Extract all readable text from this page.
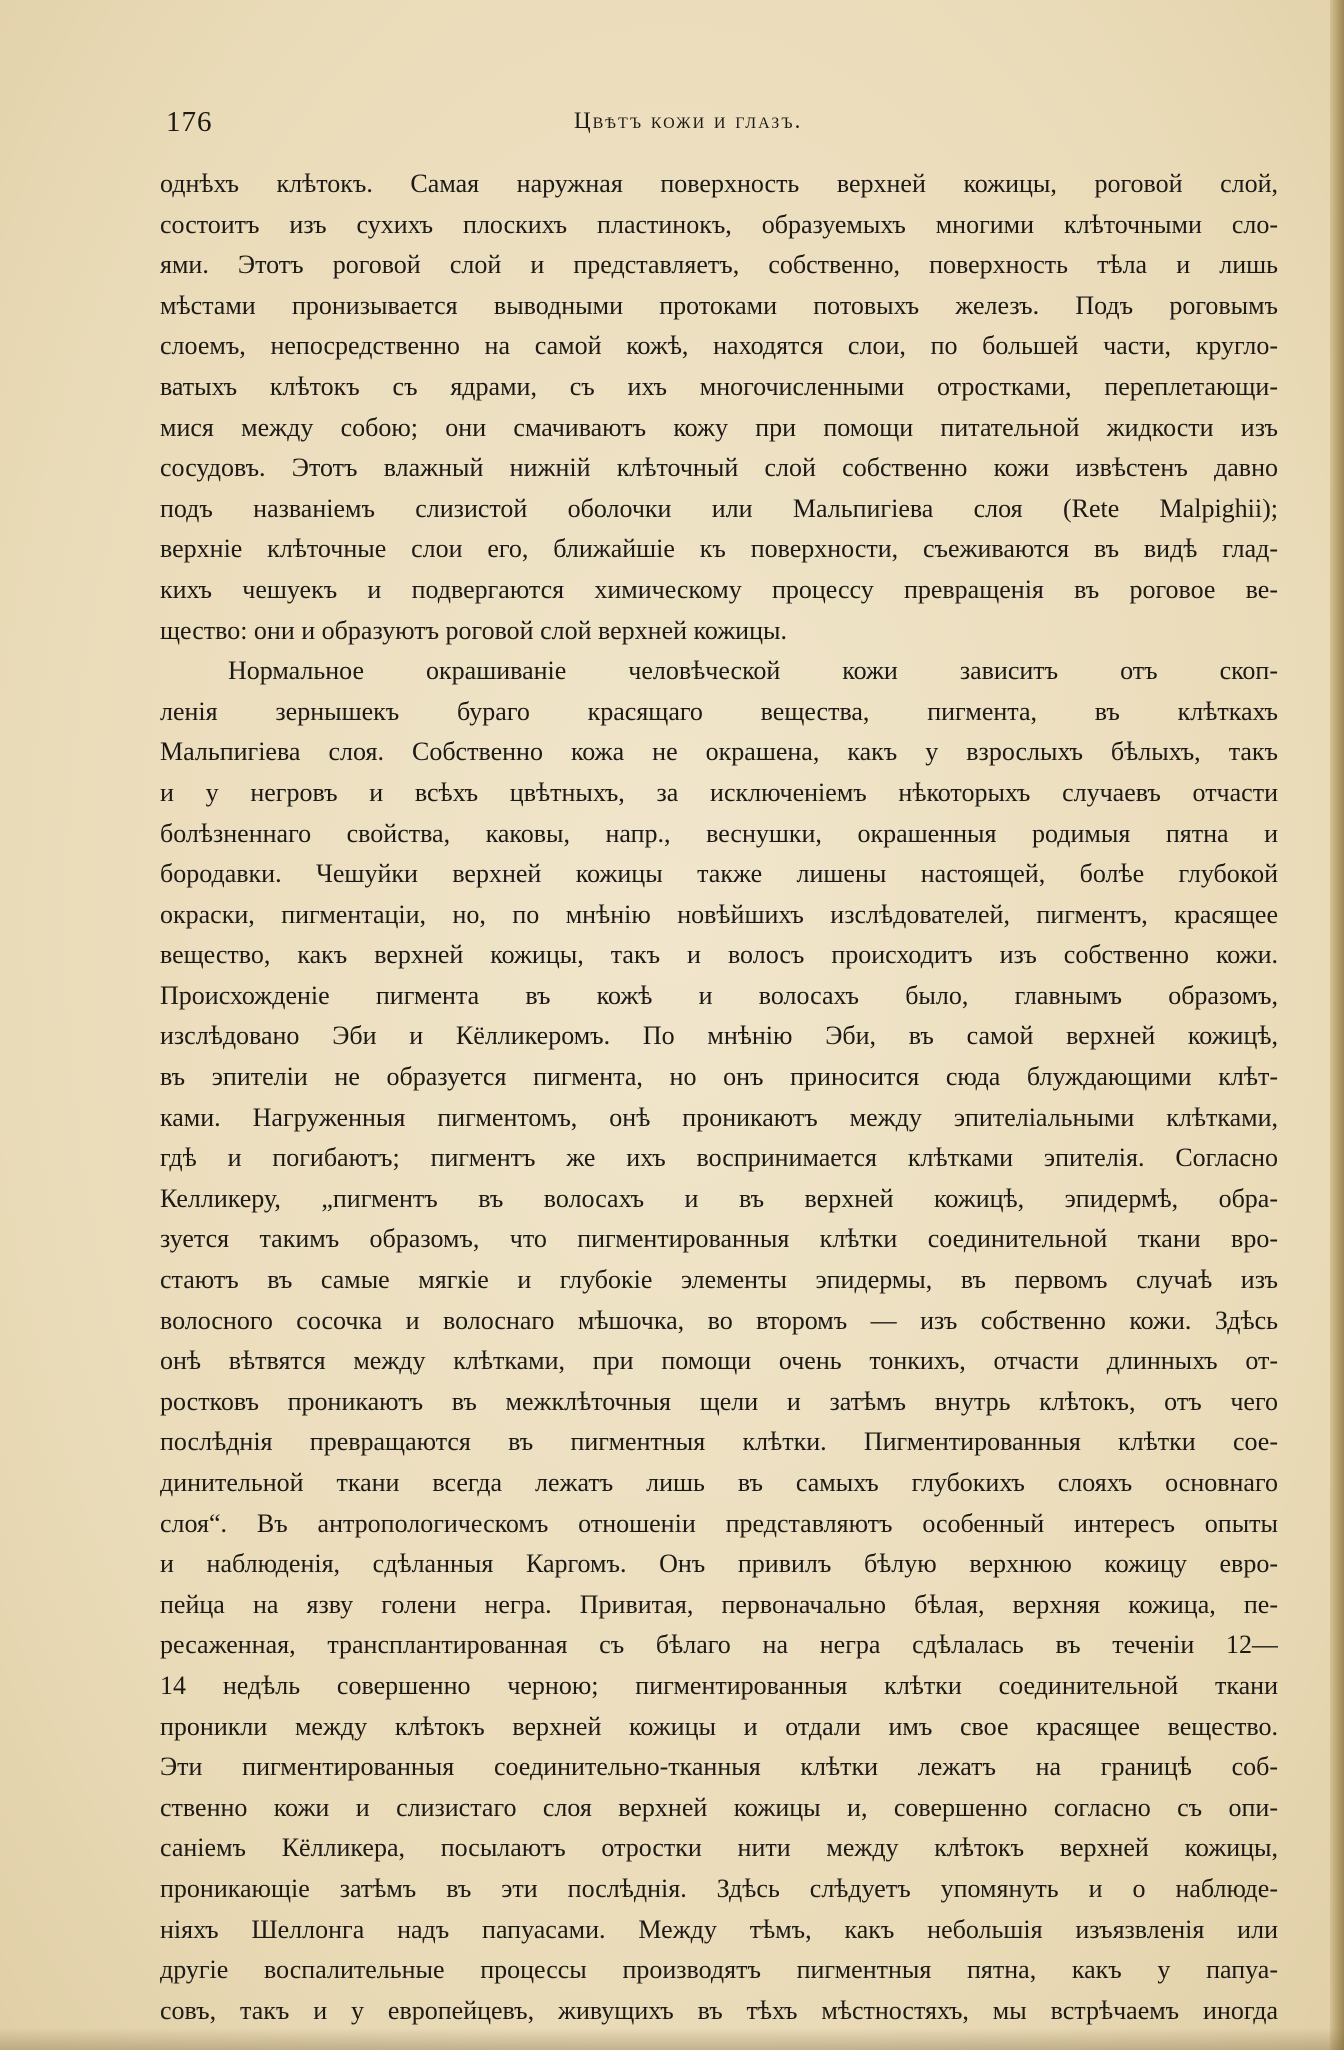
176	Цвѣтъ кожи и глазъ.
однѣхъ клѣтокъ. Самая наружная поверхность верхней кожицы, роговой слой,
состоитъ изъ сухихъ плоскихъ пластинокъ, образуемыхъ многими клѣточными сло-
ями. Этотъ роговой слой и представляетъ, собственно, поверхность тѣла и лишь
мѣстами пронизывается выводными протоками потовыхъ железъ. Подъ роговымъ
слоемъ, непосредственно на самой кожѣ, находятся слои, по большей части, кругло-
ватыхъ клѣтокъ съ ядрами, съ ихъ многочисленными отростками, переплетающи-
мися между собою; они смачиваютъ кожу при помощи питательной жидкости изъ
сосудовъ. Этотъ влажный нижній клѣточный слой собственно кожи извѣстенъ давно
подъ названіемъ слизистой оболочки или Мальпигіева слоя (Rete Malpighii);
верхніе клѣточные слои его, ближайшіе къ поверхности, съеживаются въ видѣ глад-
кихъ чешуекъ и подвергаются химическому процессу превращенія въ роговое ве-
щество: они и образуютъ роговой слой верхней кожицы.
Нормальное окрашиваніе человѣческой кожи зависитъ отъ скоп-
ленія зернышекъ бураго красящаго вещества, пигмента, въ клѣткахъ
Мальпигіева слоя. Собственно кожа не окрашена, какъ у взрослыхъ бѣлыхъ, такъ
и у негровъ и всѣхъ цвѣтныхъ, за исключеніемъ нѣкоторыхъ случаевъ отчасти
болѣзненнаго свойства, каковы, напр., веснушки, окрашенныя родимыя пятна и
бородавки. Чешуйки верхней кожицы также лишены настоящей, болѣе глубокой
окраски, пигментаціи, но, по мнѣнію новѣйшихъ изслѣдователей, пигментъ, красящее
вещество, какъ верхней кожицы, такъ и волосъ происходитъ изъ собственно кожи.
Происхожденіе пигмента въ кожѣ и волосахъ было, главнымъ образомъ,
изслѣдовано Эби и Кёлликеромъ. По мнѣнію Эби, въ самой верхней кожицѣ,
въ эпителіи не образуется пигмента, но онъ приносится сюда блуждающими клѣт-
ками. Нагруженныя пигментомъ, онѣ проникаютъ между эпителіальными клѣтками,
гдѣ и погибаютъ; пигментъ же ихъ воспринимается клѣтками эпителія. Согласно
Келликеру, „пигментъ въ волосахъ и въ верхней кожицѣ, эпидермѣ, обра-
зуется такимъ образомъ, что пигментированныя клѣтки соединительной ткани вро-
стаютъ въ самые мягкіе и глубокіе элементы эпидермы, въ первомъ случаѣ изъ
волосного сосочка и волоснаго мѣшочка, во второмъ — изъ собственно кожи. Здѣсь
онѣ вѣтвятся между клѣтками, при помощи очень тонкихъ, отчасти длинныхъ от-
ростковъ проникаютъ въ межклѣточныя щели и затѣмъ внутрь клѣтокъ, отъ чего
послѣднія превращаются въ пигментныя клѣтки. Пигментированныя клѣтки сое-
динительной ткани всегда лежатъ лишь въ самыхъ глубокихъ слояхъ основнаго
слоя“. Въ антропологическомъ отношеніи представляютъ особенный интересъ опыты
и наблюденія, сдѣланныя Каргомъ. Онъ привилъ бѣлую верхнюю кожицу евро-
пейца на язву голени негра. Привитая, первоначально бѣлая, верхняя кожица, пе-
ресаженная, трансплантированная съ бѣлаго на негра сдѣлалась въ теченіи 12—
14 недѣль совершенно черною; пигментированныя клѣтки соединительной ткани
проникли между клѣтокъ верхней кожицы и отдали имъ свое красящее вещество.
Эти пигментированныя соединительно-тканныя клѣтки лежатъ на границѣ соб-
ственно кожи и слизистаго слоя верхней кожицы и, совершенно согласно съ опи-
саніемъ Кёлликера, посылаютъ отростки нити между клѣтокъ верхней кожицы,
проникающіе затѣмъ въ эти послѣднія. Здѣсь слѣдуетъ упомянуть и о наблюде-
ніяхъ Шеллонга надъ папуасами. Между тѣмъ, какъ небольшія изъязвленія или
другіе воспалительные процессы производятъ пигментныя пятна, какъ у папуа-
совъ, такъ и у европейцевъ, живущихъ въ тѣхъ мѣстностяхъ, мы встрѣчаемъ иногда
